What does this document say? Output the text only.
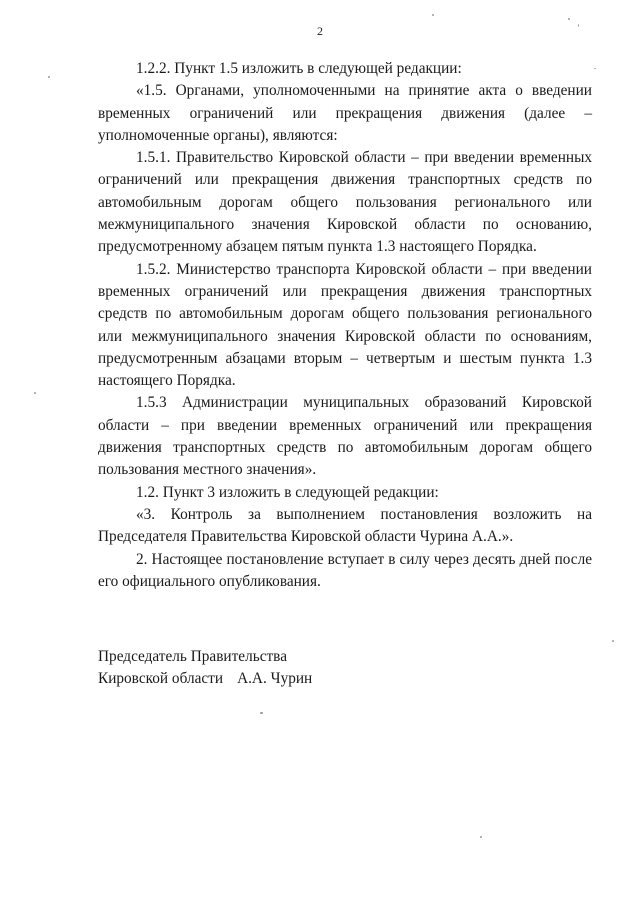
2

1.2.2. Пункт 1.5 изложить в следующей редакции:

«1.5. Органами, уполномоченными на принятие акта о введении временных ограничений или прекращения движения (далее – уполномоченные органы), являются:

1.5.1. Правительство Кировской области – при введении временных ограничений или прекращения движения транспортных средств по автомобильным дорогам общего пользования регионального или межмуниципального значения Кировской области по основанию, предусмотренному абзацем пятым пункта 1.3 настоящего Порядка.

1.5.2. Министерство транспорта Кировской области – при введении временных ограничений или прекращения движения транспортных средств по автомобильным дорогам общего пользования регионального или межмуниципального значения Кировской области по основаниям, предусмотренным абзацами вторым – четвертым и шестым пункта 1.3 настоящего Порядка.

1.5.3 Администрации муниципальных образований Кировской области – при введении временных ограничений или прекращения движения транспортных средств по автомобильным дорогам общего пользования местного значения».

1.2. Пункт 3 изложить в следующей редакции:

«3. Контроль за выполнением постановления возложить на Председателя Правительства Кировской области Чурина А.А.».

2. Настоящее постановление вступает в силу через десять дней после его официального опубликования.

Председатель Правительства
Кировской области А.А. Чурин
